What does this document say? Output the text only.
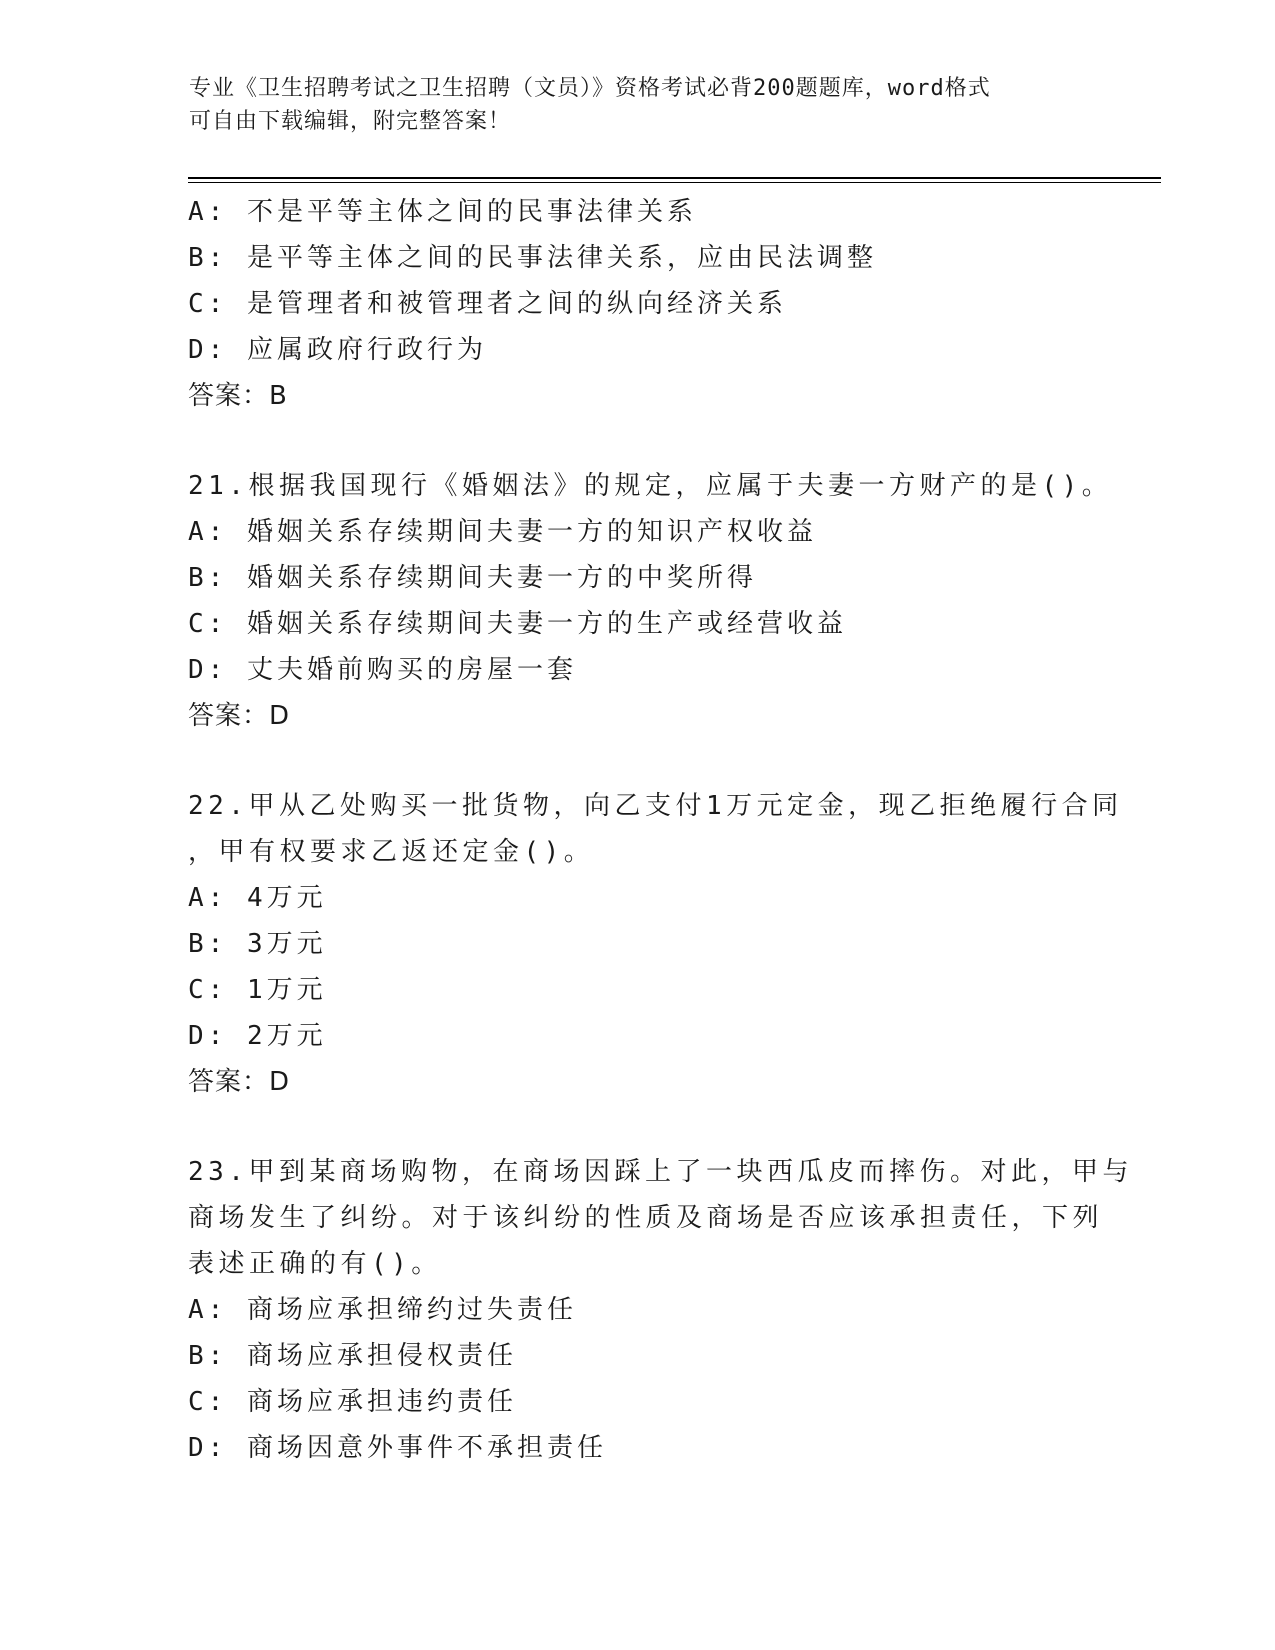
专业《卫生招聘考试之卫生招聘（文员）》资格考试必背200题题库，word格式
可自由下载编辑，附完整答案！
A: 不是平等主体之间的民事法律关系
B: 是平等主体之间的民事法律关系，应由民法调整
C: 是管理者和被管理者之间的纵向经济关系
D: 应属政府行政行为
答案：B
21.根据我国现行《婚姻法》的规定，应属于夫妻一方财产的是()。
A: 婚姻关系存续期间夫妻一方的知识产权收益
B: 婚姻关系存续期间夫妻一方的中奖所得
C: 婚姻关系存续期间夫妻一方的生产或经营收益
D: 丈夫婚前购买的房屋一套
答案：D
22.甲从乙处购买一批货物，向乙支付1万元定金，现乙拒绝履行合同
，甲有权要求乙返还定金()。
A: 4万元
B: 3万元
C: 1万元
D: 2万元
答案：D
23.甲到某商场购物，在商场因踩上了一块西瓜皮而摔伤。对此，甲与
商场发生了纠纷。对于该纠纷的性质及商场是否应该承担责任，下列
表述正确的有()。
A: 商场应承担缔约过失责任
B: 商场应承担侵权责任
C: 商场应承担违约责任
D: 商场因意外事件不承担责任
